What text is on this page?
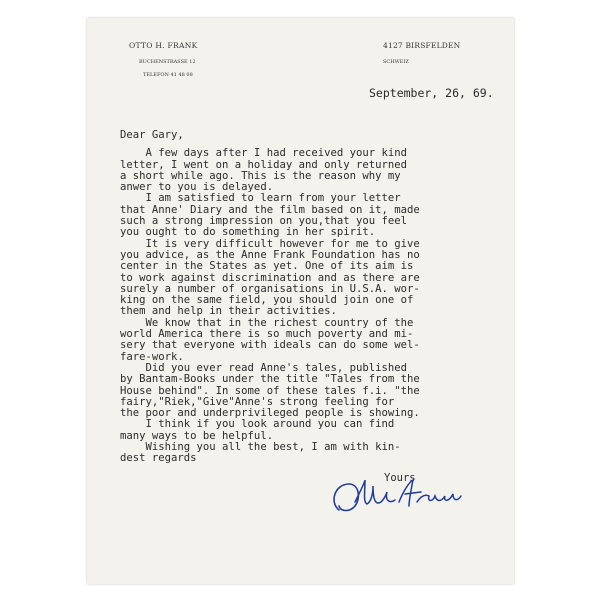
OTTO H. FRANK
BUCHENSTRASSE 12
TELEFON 41 48 08
4127 BIRSFELDEN
SCHWEIZ
September, 26, 69.
Dear Gary,
A few days after I had received your kind
letter, I went on a holiday and only returned
a short while ago. This is the reason why my
anwer to you is delayed.
I am satisfied to learn from your letter
that Anne' Diary and the film based on it, made
such a strong impression on you,that you feel
you ought to do something in her spirit.
It is very difficult however for me to give
you advice, as the Anne Frank Foundation has no
center in the States as yet. One of its aim is
to work against discrimination and as there are
surely a number of organisations in U.S.A. wor-
king on the same field, you should join one of
them and help in their activities.
We know that in the richest country of the
world America there is so much poverty and mi-
sery that everyone with ideals can do some wel-
fare-work.
Did you ever read Anne's tales, published
by Bantam-Books under the title "Tales from the
House behind". In some of these tales f.i. "the
fairy,"Riek,"Give"Anne's strong feeling for
the poor and underprivileged people is showing.
I think if you look around you can find
many ways to be helpful.
Wishing you all the best, I am with kin-
dest regards
Yours
